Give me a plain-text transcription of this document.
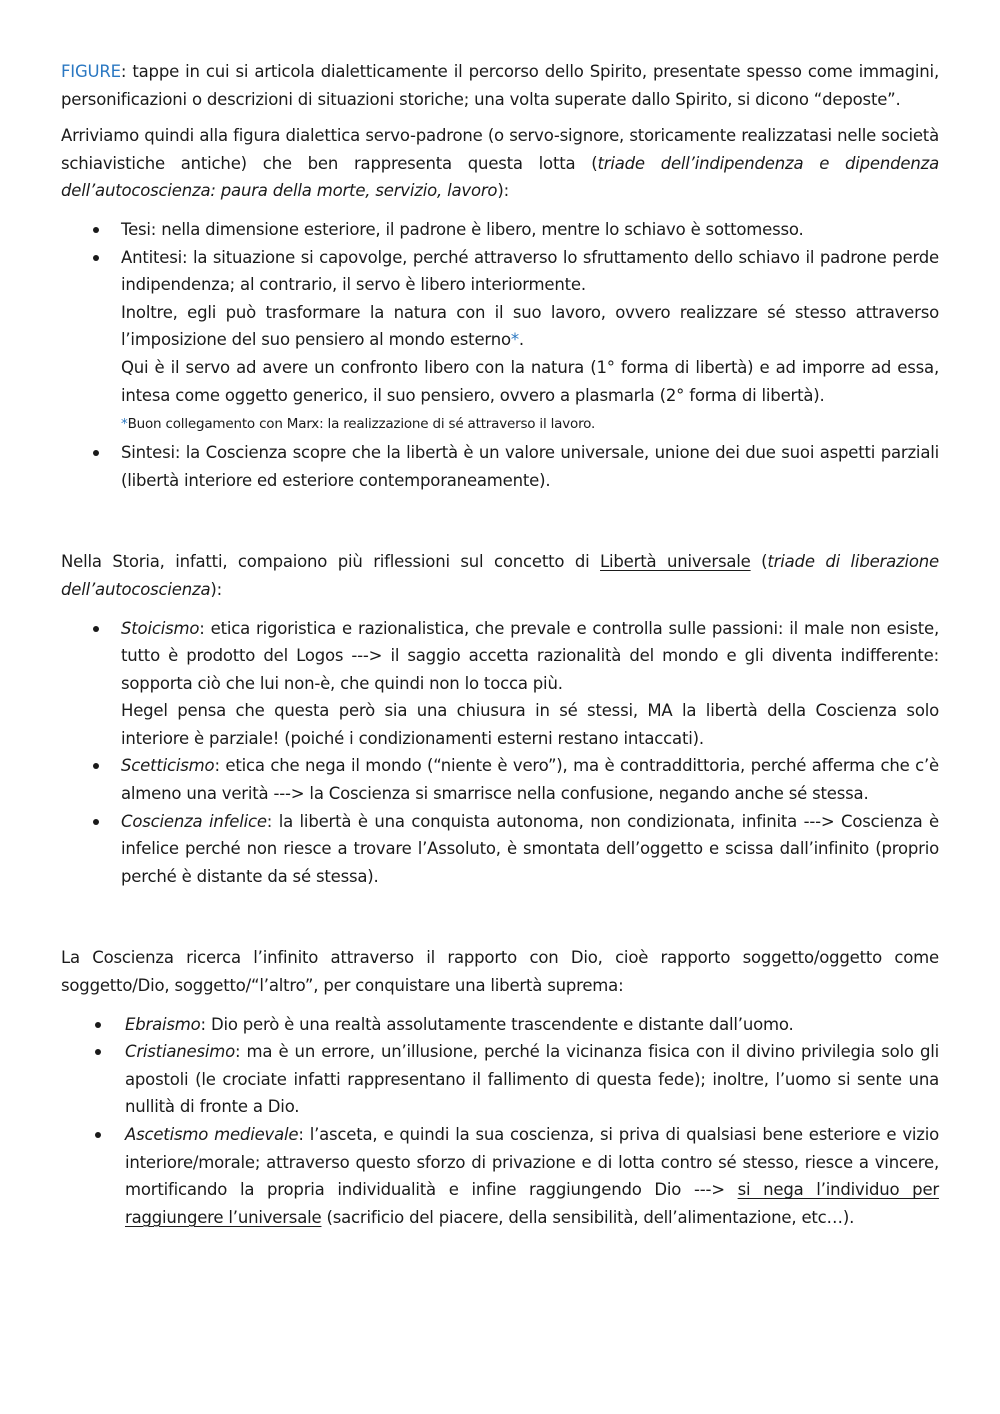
FIGURE: tappe in cui si articola dialetticamente il percorso dello Spirito, presentate spesso come immagini, personificazioni o descrizioni di situazioni storiche; una volta superate dallo Spirito, si dicono “deposte”.

Arriviamo quindi alla figura dialettica servo-padrone (o servo-signore, storicamente realizzatasi nelle società schiavistiche antiche) che ben rappresenta questa lotta (triade dell’indipendenza e dipendenza dell’autocoscienza: paura della morte, servizio, lavoro):

Tesi: nella dimensione esteriore, il padrone è libero, mentre lo schiavo è sottomesso.
Antitesi: la situazione si capovolge, perché attraverso lo sfruttamento dello schiavo il padrone perde indipendenza; al contrario, il servo è libero interiormente.
Inoltre, egli può trasformare la natura con il suo lavoro, ovvero realizzare sé stesso attraverso l’imposizione del suo pensiero al mondo esterno*.
Qui è il servo ad avere un confronto libero con la natura (1° forma di libertà) e ad imporre ad essa, intesa come oggetto generico, il suo pensiero, ovvero a plasmarla (2° forma di libertà).
*Buon collegamento con Marx: la realizzazione di sé attraverso il lavoro.
Sintesi: la Coscienza scopre che la libertà è un valore universale, unione dei due suoi aspetti parziali (libertà interiore ed esteriore contemporaneamente).

Nella Storia, infatti, compaiono più riflessioni sul concetto di Libertà universale (triade di liberazione dell’autocoscienza):

Stoicismo: etica rigoristica e razionalistica, che prevale e controlla sulle passioni: il male non esiste, tutto è prodotto del Logos ---> il saggio accetta razionalità del mondo e gli diventa indifferente: sopporta ciò che lui non-è, che quindi non lo tocca più.
Hegel pensa che questa però sia una chiusura in sé stessi, MA la libertà della Coscienza solo interiore è parziale! (poiché i condizionamenti esterni restano intaccati).
Scetticismo: etica che nega il mondo (“niente è vero”), ma è contraddittoria, perché afferma che c’è almeno una verità ---> la Coscienza si smarrisce nella confusione, negando anche sé stessa.
Coscienza infelice: la libertà è una conquista autonoma, non condizionata, infinita ---> Coscienza è infelice perché non riesce a trovare l’Assoluto, è smontata dell’oggetto e scissa dall’infinito (proprio perché è distante da sé stessa).

La Coscienza ricerca l’infinito attraverso il rapporto con Dio, cioè rapporto soggetto/oggetto come soggetto/Dio, soggetto/“l’altro”, per conquistare una libertà suprema:

Ebraismo: Dio però è una realtà assolutamente trascendente e distante dall’uomo.
Cristianesimo: ma è un errore, un’illusione, perché la vicinanza fisica con il divino privilegia solo gli apostoli (le crociate infatti rappresentano il fallimento di questa fede); inoltre, l’uomo si sente una nullità di fronte a Dio.
Ascetismo medievale: l’asceta, e quindi la sua coscienza, si priva di qualsiasi bene esteriore e vizio interiore/morale; attraverso questo sforzo di privazione e di lotta contro sé stesso, riesce a vincere, mortificando la propria individualità e infine raggiungendo Dio ---> si nega l’individuo per raggiungere l’universale (sacrificio del piacere, della sensibilità, dell’alimentazione, etc…).
